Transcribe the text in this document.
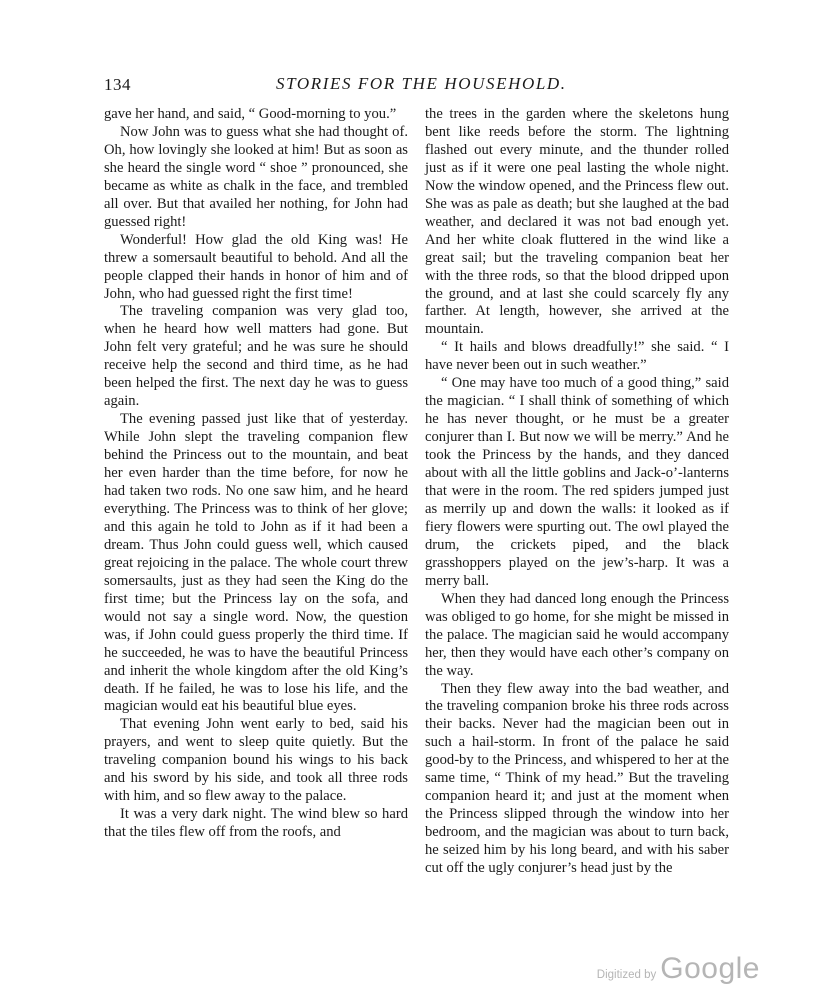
134	STORIES FOR THE HOUSEHOLD.

gave her hand, and said, “ Good-morning to you.”

Now John was to guess what she had thought of. Oh, how lovingly she looked at him! But as soon as she heard the single word “ shoe ” pronounced, she became as white as chalk in the face, and trembled all over. But that availed her nothing, for John had guessed right!

Wonderful! How glad the old King was! He threw a somersault beautiful to behold. And all the people clapped their hands in honor of him and of John, who had guessed right the first time!

The traveling companion was very glad too, when he heard how well matters had gone. But John felt very grateful; and he was sure he should receive help the second and third time, as he had been helped the first. The next day he was to guess again.

The evening passed just like that of yesterday. While John slept the traveling companion flew behind the Princess out to the mountain, and beat her even harder than the time before, for now he had taken two rods. No one saw him, and he heard everything. The Princess was to think of her glove; and this again he told to John as if it had been a dream. Thus John could guess well, which caused great rejoicing in the palace. The whole court threw somersaults, just as they had seen the King do the first time; but the Princess lay on the sofa, and would not say a single word. Now, the question was, if John could guess properly the third time. If he succeeded, he was to have the beautiful Princess and inherit the whole kingdom after the old King’s death. If he failed, he was to lose his life, and the magician would eat his beautiful blue eyes.

That evening John went early to bed, said his prayers, and went to sleep quite quietly. But the traveling companion bound his wings to his back and his sword by his side, and took all three rods with him, and so flew away to the palace.

It was a very dark night. The wind blew so hard that the tiles flew off from the roofs, and

the trees in the garden where the skeletons hung bent like reeds before the storm. The lightning flashed out every minute, and the thunder rolled just as if it were one peal lasting the whole night. Now the window opened, and the Princess flew out. She was as pale as death; but she laughed at the bad weather, and declared it was not bad enough yet. And her white cloak fluttered in the wind like a great sail; but the traveling companion beat her with the three rods, so that the blood dripped upon the ground, and at last she could scarcely fly any farther. At length, however, she arrived at the mountain.

“ It hails and blows dreadfully!” she said. “ I have never been out in such weather.”

“ One may have too much of a good thing,” said the magician. “ I shall think of something of which he has never thought, or he must be a greater conjurer than I. But now we will be merry.” And he took the Princess by the hands, and they danced about with all the little goblins and Jack-o’-lanterns that were in the room. The red spiders jumped just as merrily up and down the walls: it looked as if fiery flowers were spurting out. The owl played the drum, the crickets piped, and the black grasshoppers played on the jew’s-harp. It was a merry ball.

When they had danced long enough the Princess was obliged to go home, for she might be missed in the palace. The magician said he would accompany her, then they would have each other’s company on the way.

Then they flew away into the bad weather, and the traveling companion broke his three rods across their backs. Never had the magician been out in such a hail-storm. In front of the palace he said good-by to the Princess, and whispered to her at the same time, “ Think of my head.” But the traveling companion heard it; and just at the moment when the Princess slipped through the window into her bedroom, and the magician was about to turn back, he seized him by his long beard, and with his saber cut off the ugly conjurer’s head just by the

Digitized by Google
